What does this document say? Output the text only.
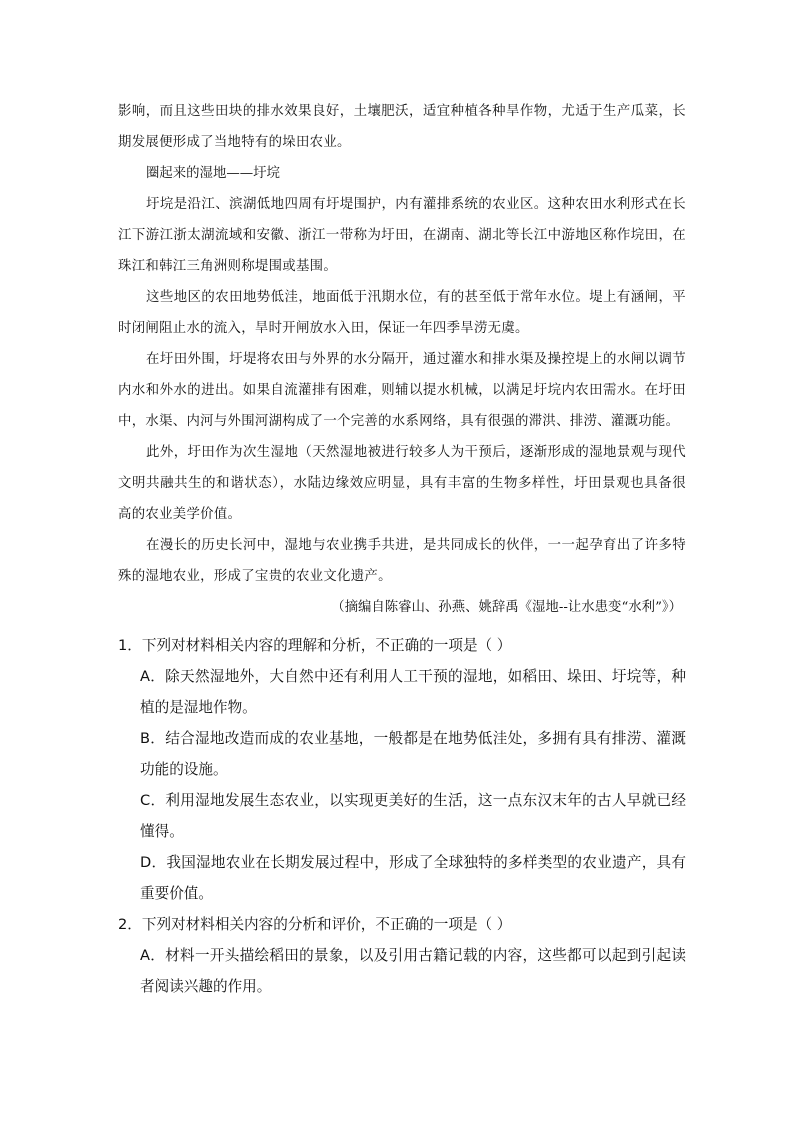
影响，而且这些田块的排水效果良好，土壤肥沃，适宜种植各种旱作物，尤适于生产瓜菜，长期发展便形成了当地特有的垛田农业。

圈起来的湿地——圩垸

圩垸是沿江、滨湖低地四周有圩堤围护，内有灌排系统的农业区。这种农田水利形式在长江下游江浙太湖流域和安徽、浙江一带称为圩田，在湖南、湖北等长江中游地区称作垸田，在珠江和韩江三角洲则称堤围或基围。

这些地区的农田地势低洼，地面低于汛期水位，有的甚至低于常年水位。堤上有涵闸，平时闭闸阻止水的流入，旱时开闸放水入田，保证一年四季旱涝无虞。

在圩田外围，圩堤将农田与外界的水分隔开，通过灌水和排水渠及操控堤上的水闸以调节内水和外水的进出。如果自流灌排有困难，则辅以提水机械，以满足圩垸内农田需水。在圩田中，水渠、内河与外围河湖构成了一个完善的水系网络，具有很强的滞洪、排涝、灌溉功能。

此外，圩田作为次生湿地（天然湿地被进行较多人为干预后，逐渐形成的湿地景观与现代文明共融共生的和谐状态），水陆边缘效应明显，具有丰富的生物多样性，圩田景观也具备很高的农业美学价值。

在漫长的历史长河中，湿地与农业携手共进，是共同成长的伙伴，一一起孕育出了许多特殊的湿地农业，形成了宝贵的农业文化遗产。

（摘编自陈睿山、孙燕、姚辞禹《湿地--让水患变“水利”》）

1．下列对材料相关内容的理解和分析，不正确的一项是（ ）

A．除天然湿地外，大自然中还有利用人工干预的湿地，如稻田、垛田、圩垸等，种植的是湿地作物。

B．结合湿地改造而成的农业基地，一般都是在地势低洼处，多拥有具有排涝、灌溉功能的设施。

C．利用湿地发展生态农业，以实现更美好的生活，这一点东汉末年的古人早就已经懂得。

D．我国湿地农业在长期发展过程中，形成了全球独特的多样类型的农业遗产，具有重要价值。

2．下列对材料相关内容的分析和评价，不正确的一项是（ ）

A．材料一开头描绘稻田的景象，以及引用古籍记载的内容，这些都可以起到引起读者阅读兴趣的作用。
